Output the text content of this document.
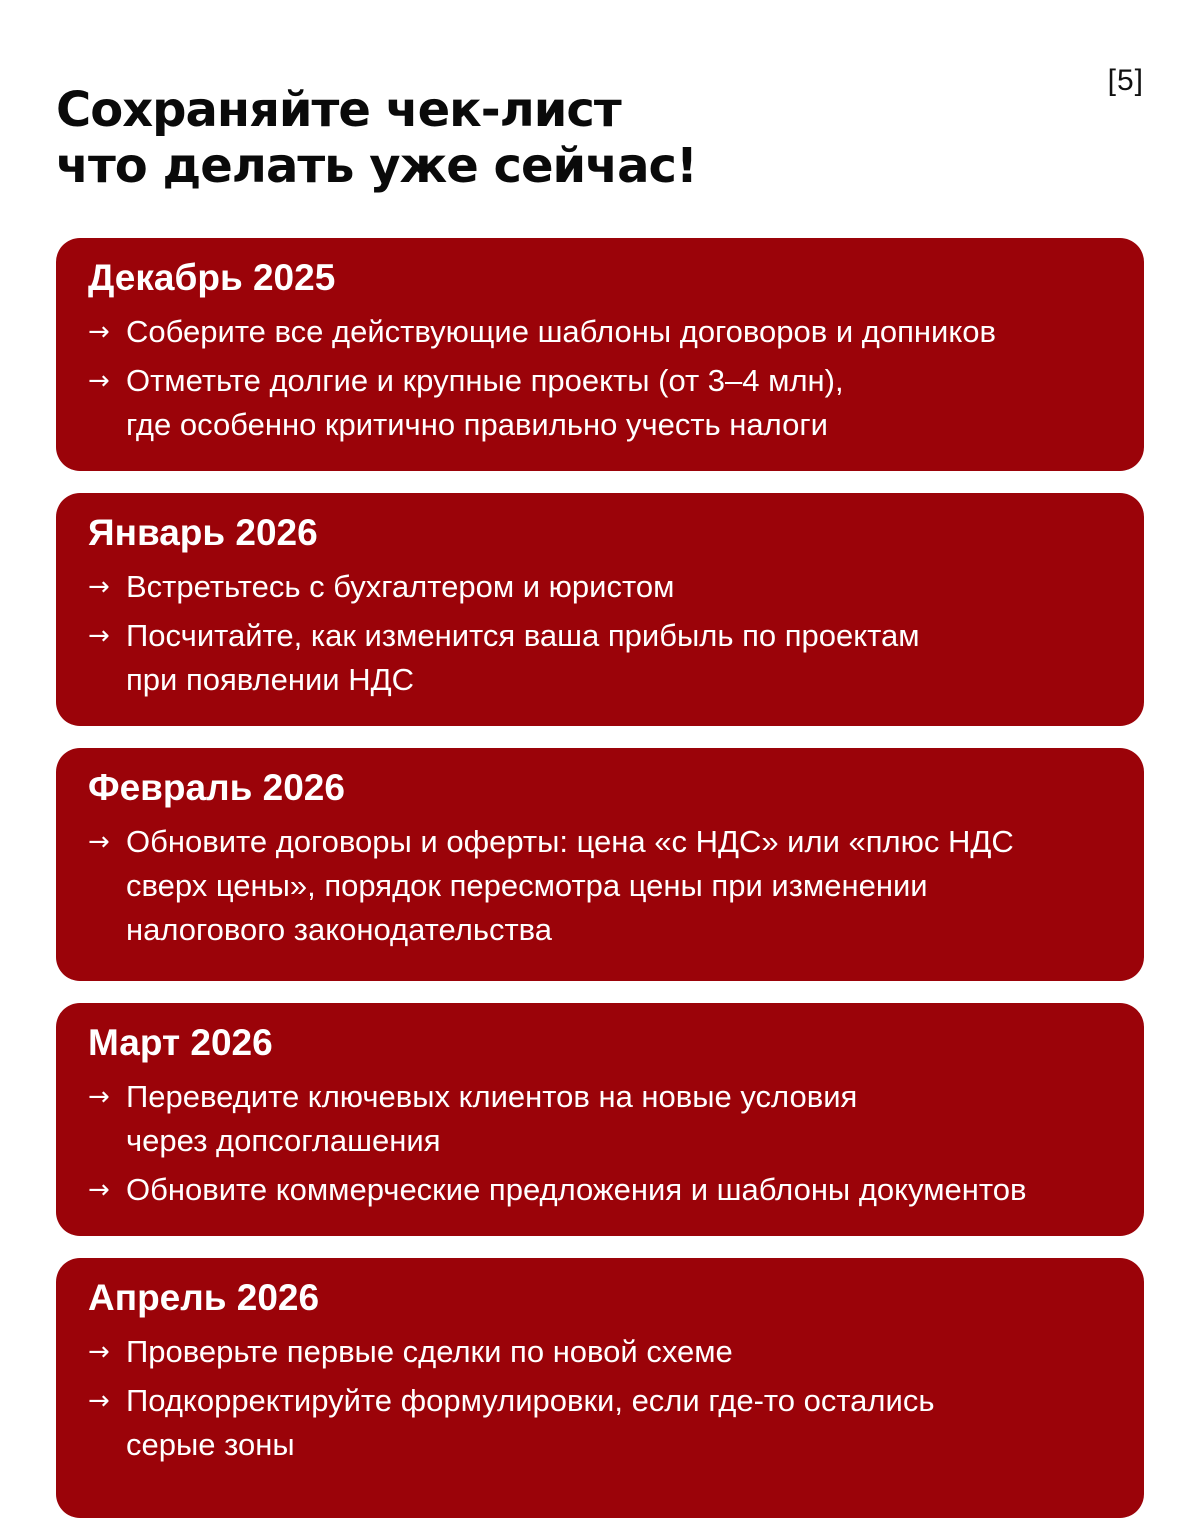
[5]
Сохраняйте чек-лист
что делать уже сейчас!
Декабрь 2025
→ Соберите все действующие шаблоны договоров и допников
→ Отметьте долгие и крупные проекты (от 3–4 млн),
где особенно критично правильно учесть налоги
Январь 2026
→ Встретьтесь с бухгалтером и юристом
→ Посчитайте, как изменится ваша прибыль по проектам
при появлении НДС
Февраль 2026
→ Обновите договоры и оферты: цена «с НДС» или «плюс НДС
сверх цены», порядок пересмотра цены при изменении
налогового законодательства
Март 2026
→ Переведите ключевых клиентов на новые условия
через допсоглашения
→ Обновите коммерческие предложения и шаблоны документов
Апрель 2026
→ Проверьте первые сделки по новой схеме
→ Подкорректируйте формулировки, если где-то остались
серые зоны
